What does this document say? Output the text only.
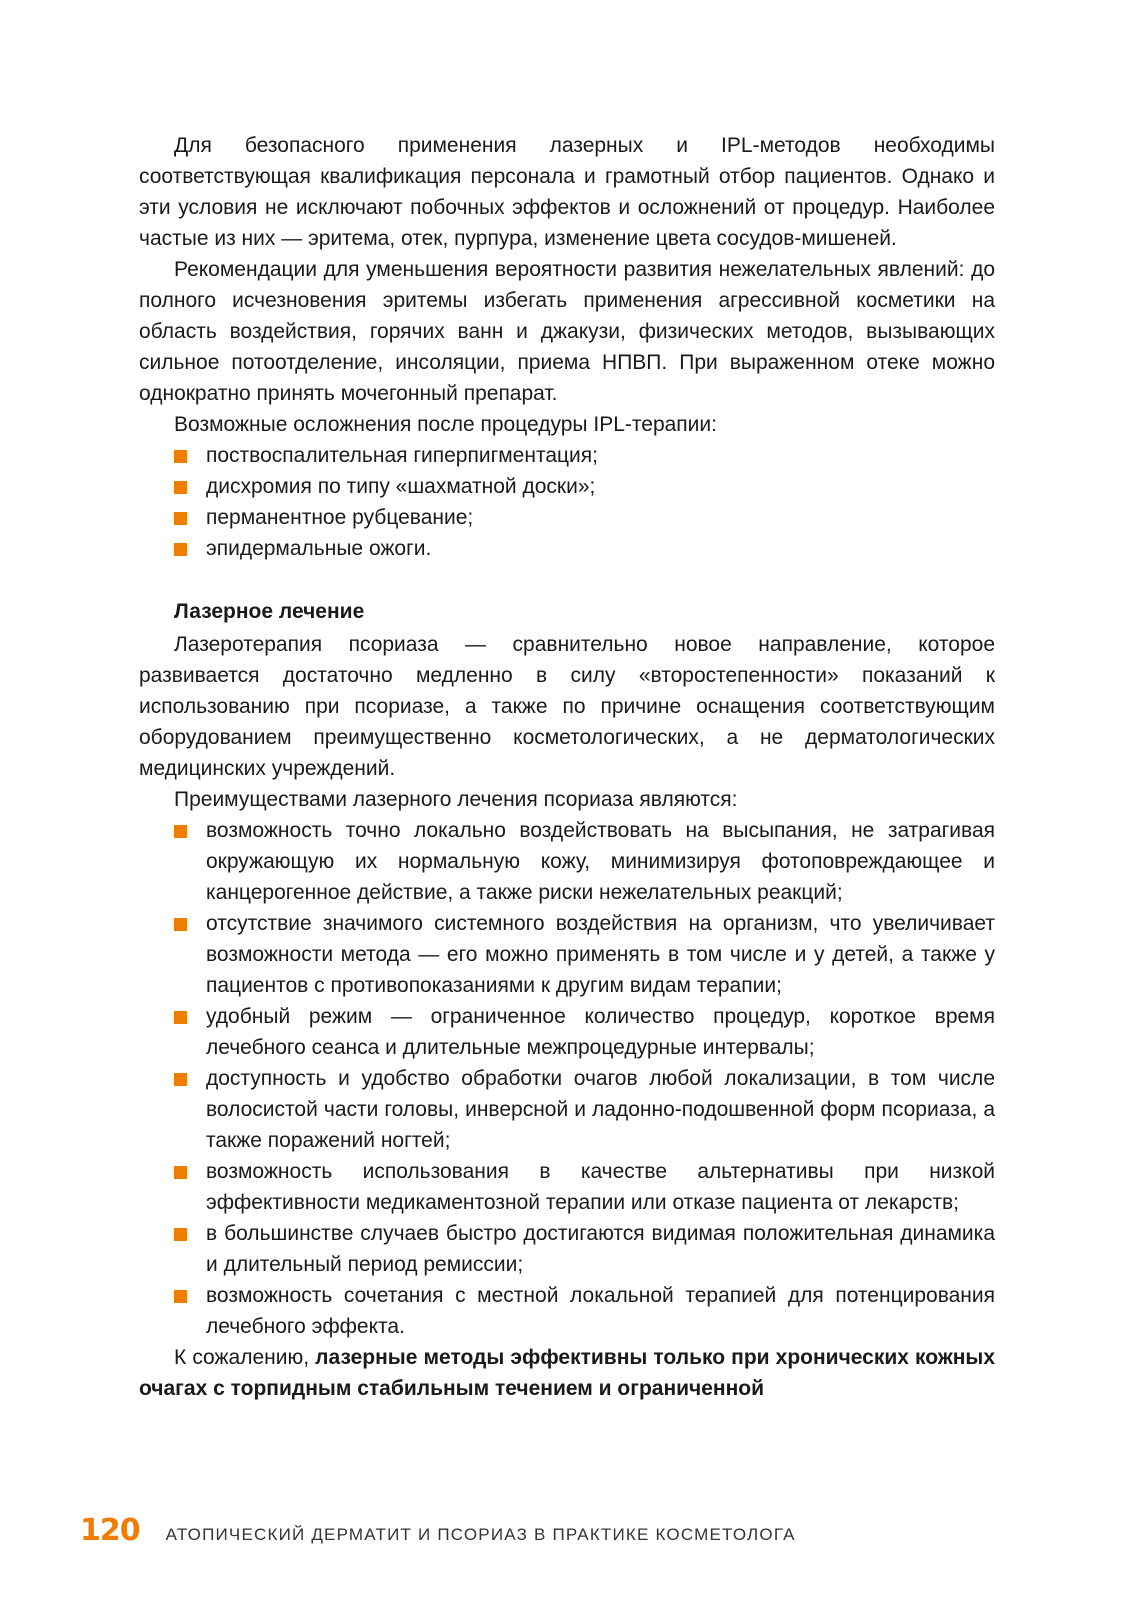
Для безопасного применения лазерных и IPL-методов необходимы соответствующая квалификация персонала и грамотный отбор пациентов. Однако и эти условия не исключают побочных эффектов и осложнений от процедур. Наиболее частые из них — эритема, отек, пурпура, изменение цвета сосудов-мишеней.

Рекомендации для уменьшения вероятности развития нежелательных явлений: до полного исчезновения эритемы избегать применения агрессивной косметики на область воздействия, горячих ванн и джакузи, физических методов, вызывающих сильное потоотделение, инсоляции, приема НПВП. При выраженном отеке можно однократно принять мочегонный препарат.

Возможные осложнения после процедуры IPL-терапии:

поствоспалительная гиперпигментация;
дисхромия по типу «шахматной доски»;
перманентное рубцевание;
эпидермальные ожоги.
Лазерное лечение

Лазеротерапия псориаза — сравнительно новое направление, которое развивается достаточно медленно в силу «второстепенности» показаний к использованию при псориазе, а также по причине оснащения соответствующим оборудованием преимущественно косметологических, а не дерматологических медицинских учреждений.

Преимуществами лазерного лечения псориаза являются:

возможность точно локально воздействовать на высыпания, не затрагивая окружающую их нормальную кожу, минимизируя фотоповреждающее и канцерогенное действие, а также риски нежелательных реакций;
отсутствие значимого системного воздействия на организм, что увеличивает возможности метода — его можно применять в том числе и у детей, а также у пациентов с противопоказаниями к другим видам терапии;
удобный режим — ограниченное количество процедур, короткое время лечебного сеанса и длительные межпроцедурные интервалы;
доступность и удобство обработки очагов любой локализации, в том числе волосистой части головы, инверсной и ладонно-подошвенной форм псориаза, а также поражений ногтей;
возможность использования в качестве альтернативы при низкой эффективности медикаментозной терапии или отказе пациента от лекарств;
в большинстве случаев быстро достигаются видимая положительная динамика и длительный период ремиссии;
возможность сочетания с местной локальной терапией для потенцирования лечебного эффекта.

К сожалению, лазерные методы эффективны только при хронических кожных очагах с торпидным стабильным течением и ограниченной

120 АТОПИЧЕСКИЙ ДЕРМАТИТ И ПСОРИАЗ В ПРАКТИКЕ КОСМЕТОЛОГА
